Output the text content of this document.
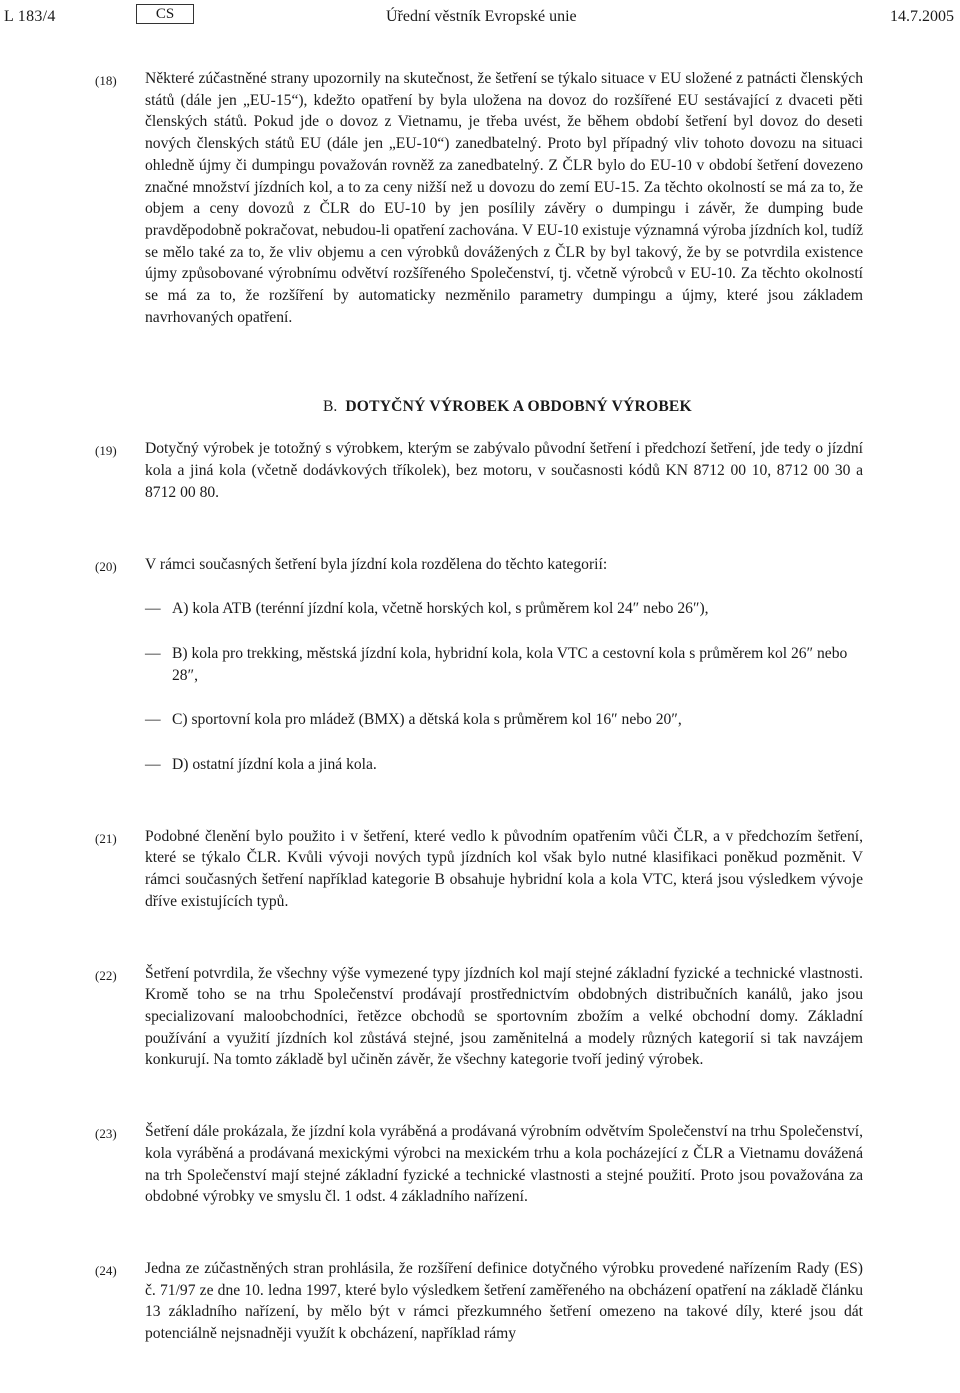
L 183/4	CS	Úřední věstník Evropské unie	14.7.2005
(18) Některé zúčastněné strany upozornily na skutečnost, že šetření se týkalo situace v EU složené z patnácti členských států (dále jen „EU-15“), kdežto opatření by byla uložena na dovoz do rozšířené EU sestávající z dvaceti pěti členských států. Pokud jde o dovoz z Vietnamu, je třeba uvést, že během období šetření byl dovoz do deseti nových členských států EU (dále jen „EU-10“) zanedbatelný. Proto byl případný vliv tohoto dovozu na situaci ohledně újmy či dumpingu považován rovněž za zanedbatelný. Z ČLR bylo do EU-10 v období šetření dovezeno značné množství jízdních kol, a to za ceny nižší než u dovozu do zemí EU-15. Za těchto okolností se má za to, že objem a ceny dovozů z ČLR do EU-10 by jen posílily závěry o dumpingu i závěr, že dumping bude pravděpodobně pokračovat, nebudou-li opatření zachována. V EU-10 existuje významná výroba jízdních kol, tudíž se mělo také za to, že vliv objemu a cen výrobků dovážených z ČLR by byl takový, že by se potvrdila existence újmy způsobované výrobnímu odvětví rozšířeného Společenství, tj. včetně výrobců v EU-10. Za těchto okolností se má za to, že rozšíření by automaticky nezměnilo parametry dumpingu a újmy, které jsou základem navrhovaných opatření.
B. DOTYČNÝ VÝROBEK A OBDOBNÝ VÝROBEK
(19) Dotyčný výrobek je totožný s výrobkem, kterým se zabývalo původní šetření i předchozí šetření, jde tedy o jízdní kola a jiná kola (včetně dodávkových tříkolek), bez motoru, v současnosti kódů KN 8712 00 10, 8712 00 30 a 8712 00 80.
(20) V rámci současných šetření byla jízdní kola rozdělena do těchto kategorií:
— A) kola ATB (terénní jízdní kola, včetně horských kol, s průměrem kol 24″ nebo 26″),
— B) kola pro trekking, městská jízdní kola, hybridní kola, kola VTC a cestovní kola s průměrem kol 26″ nebo 28″,
— C) sportovní kola pro mládež (BMX) a dětská kola s průměrem kol 16″ nebo 20″,
— D) ostatní jízdní kola a jiná kola.
(21) Podobné členění bylo použito i v šetření, které vedlo k původním opatřením vůči ČLR, a v předchozím šetření, které se týkalo ČLR. Kvůli vývoji nových typů jízdních kol však bylo nutné klasifikaci poněkud pozměnit. V rámci současných šetření například kategorie B obsahuje hybridní kola a kola VTC, která jsou výsledkem vývoje dříve existujících typů.
(22) Šetření potvrdila, že všechny výše vymezené typy jízdních kol mají stejné základní fyzické a technické vlastnosti. Kromě toho se na trhu Společenství prodávají prostřednictvím obdobných distribučních kanálů, jako jsou specializovaní maloobchodníci, řetězce obchodů se sportovním zbožím a velké obchodní domy. Základní používání a využití jízdních kol zůstává stejné, jsou zaměnitelná a modely různých kategorií si tak navzájem konkurují. Na tomto základě byl učiněn závěr, že všechny kategorie tvoří jediný výrobek.
(23) Šetření dále prokázala, že jízdní kola vyráběná a prodávaná výrobním odvětvím Společenství na trhu Společenství, kola vyráběná a prodávaná mexickými výrobci na mexickém trhu a kola pocházející z ČLR a Vietnamu dovážená na trh Společenství mají stejné základní fyzické a technické vlastnosti a stejné použití. Proto jsou považována za obdobné výrobky ve smyslu čl. 1 odst. 4 základního nařízení.
(24) Jedna ze zúčastněných stran prohlásila, že rozšíření definice dotyčného výrobku provedené nařízením Rady (ES) č. 71/97 ze dne 10. ledna 1997, které bylo výsledkem šetření zaměřeného na obcházení opatření na základě článku 13 základního nařízení, by mělo být v rámci přezkumného šetření omezeno na takové díly, které jsou dát potenciálně nejsnadněji využít k obcházení, například rámy
